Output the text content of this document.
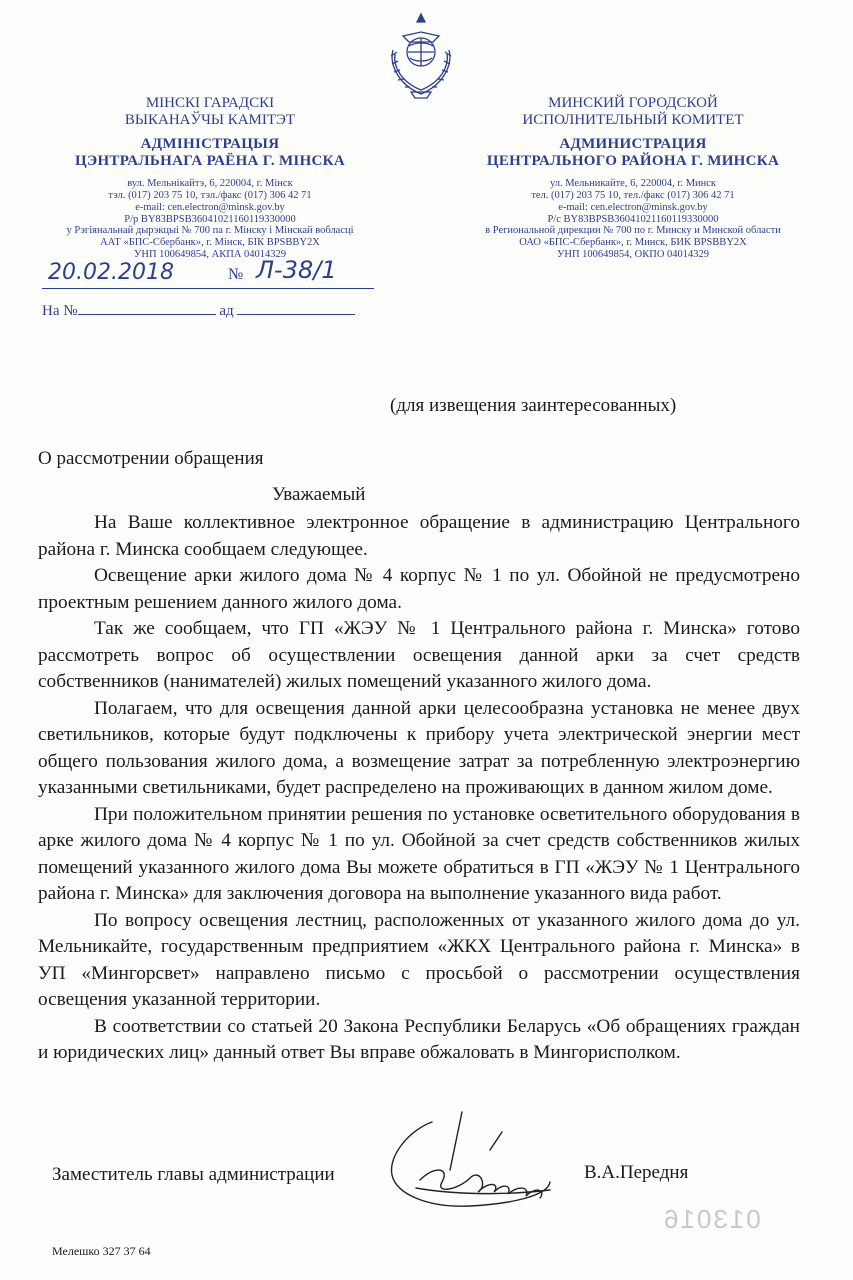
МІНСКІ ГАРАДСКІ
ВЫКАНАЎЧЫ КАМІТЭТ
АДМІНІСТРАЦЫЯ
ЦЭНТРАЛЬНАГА РАЁНА Г. МІНСКА
вул. Мельнікайтэ, 6, 220004, г. Мінск
тэл. (017) 203 75 10, тэл./факс (017) 306 42 71
e-mail: cen.electron@minsk.gov.by
Р/р BY83BPSB36041021160119330000
у Рэгіянальнай дырэкцыі № 700 па г. Мінску і Мінскай вобласці
ААТ «БПС-Сбербанк», г. Мінск, БІК BPSBBY2X
УНП 100649854, АКПА 04014329
МИНСКИЙ ГОРОДСКОЙ
ИСПОЛНИТЕЛЬНЫЙ КОМИТЕТ
АДМИНИСТРАЦИЯ
ЦЕНТРАЛЬНОГО РАЙОНА Г. МИНСКА
ул. Мельникайте, 6, 220004, г. Минск
тел. (017) 203 75 10, тел./факс (017) 306 42 71
e-mail: cen.electron@minsk.gov.by
Р/с BY83BPSB36041021160119330000
в Региональной дирекции № 700 по г. Минску и Минской области
ОАО «БПС-Сбербанк», г. Минск, БИК BPSBBY2X
УНП 100649854, ОКПО 04014329
20.02.2018	№ Л-38/1
На №	ад
(для извещения заинтересованных)
О рассмотрении обращения
Уважаемый

На Ваше коллективное электронное обращение в администрацию Центрального района г. Минска сообщаем следующее.

Освещение арки жилого дома № 4 корпус № 1 по ул. Обойной не предусмотрено проектным решением данного жилого дома.

Так же сообщаем, что ГП «ЖЭУ № 1 Центрального района г. Минска» готово рассмотреть вопрос об осуществлении освещения данной арки за счет средств собственников (нанимателей) жилых помещений указанного жилого дома.

Полагаем, что для освещения данной арки целесообразна установка не менее двух светильников, которые будут подключены к прибору учета электрической энергии мест общего пользования жилого дома, а возмещение затрат за потребленную электроэнергию указанными светильниками, будет распределено на проживающих в данном жилом доме.

При положительном принятии решения по установке осветительного оборудования в арке жилого дома № 4 корпус № 1 по ул. Обойной за счет средств собственников жилых помещений указанного жилого дома Вы можете обратиться в ГП «ЖЭУ № 1 Центрального района г. Минска» для заключения договора на выполнение указанного вида работ.

По вопросу освещения лестниц, расположенных от указанного жилого дома до ул. Мельникайте, государственным предприятием «ЖКХ Центрального района г. Минска» в УП «Мингорсвет» направлено письмо с просьбой о рассмотрении осуществления освещения указанной территории.

В соответствии со статьей 20 Закона Республики Беларусь «Об обращениях граждан и юридических лиц» данный ответ Вы вправе обжаловать в Мингорисполком.

Заместитель главы администрации	В.А.Передня
013016
Мелешко 327 37 64
